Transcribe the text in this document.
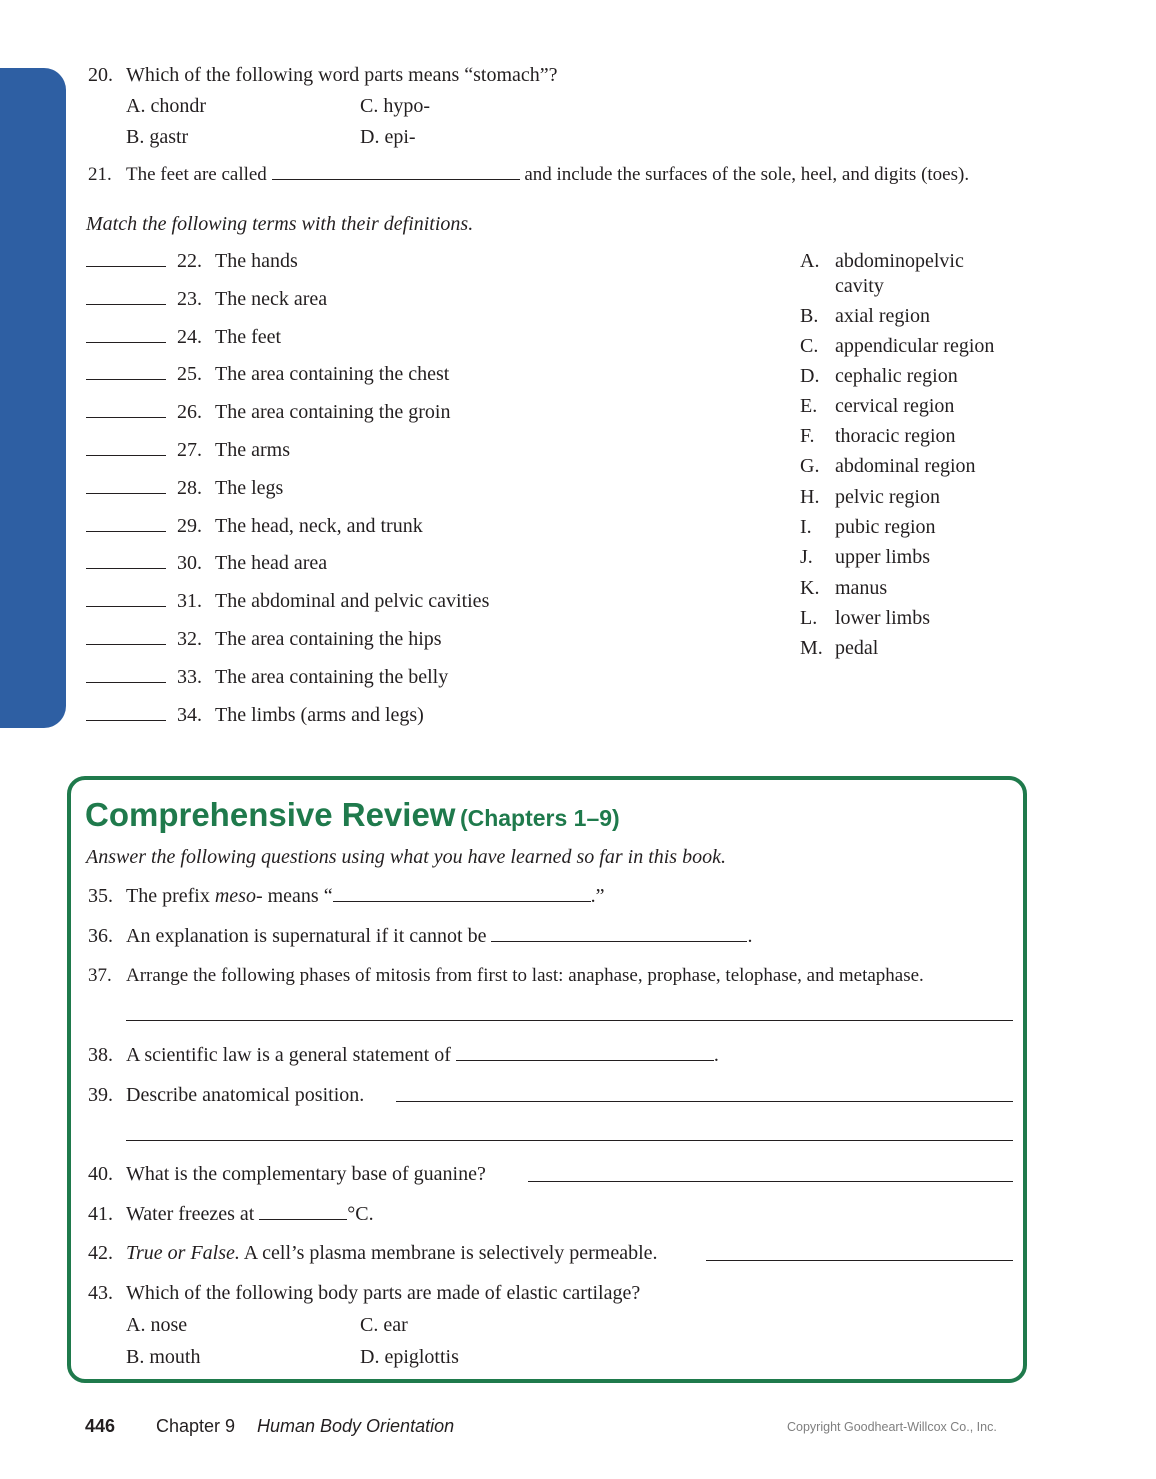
20. Which of the following word parts means “stomach”?
A. chondr	C. hypo-
B. gastr	D. epi-
21. The feet are called	and include the surfaces of the sole, heel, and digits (toes).
Match the following terms with their definitions.
22. The hands
23. The neck area
24. The feet
25. The area containing the chest
26. The area containing the groin
27. The arms
28. The legs
29. The head, neck, and trunk
30. The head area
31. The abdominal and pelvic cavities
32. The area containing the hips
33. The area containing the belly
34. The limbs (arms and legs)
A. abdominopelvic
cavity
B. axial region
C. appendicular region
D. cephalic region
E. cervical region
F. thoracic region
G. abdominal region
H. pelvic region
I. pubic region
J. upper limbs
K. manus
L. lower limbs
M. pedal
Comprehensive Review (Chapters 1–9)
Answer the following questions using what you have learned so far in this book.
35. The prefix meso- means “	.”
36. An explanation is supernatural if it cannot be	.
37. Arrange the following phases of mitosis from first to last: anaphase, prophase, telophase, and metaphase.
38. A scientific law is a general statement of	.
39. Describe anatomical position.
40. What is the complementary base of guanine?
41. Water freezes at	°C.
42. True or False. A cell’s plasma membrane is selectively permeable.
43. Which of the following body parts are made of elastic cartilage?
A. nose	C. ear
B. mouth	D. epiglottis
446 Chapter 9 Human Body Orientation	Copyright Goodheart-Willcox Co., Inc.
